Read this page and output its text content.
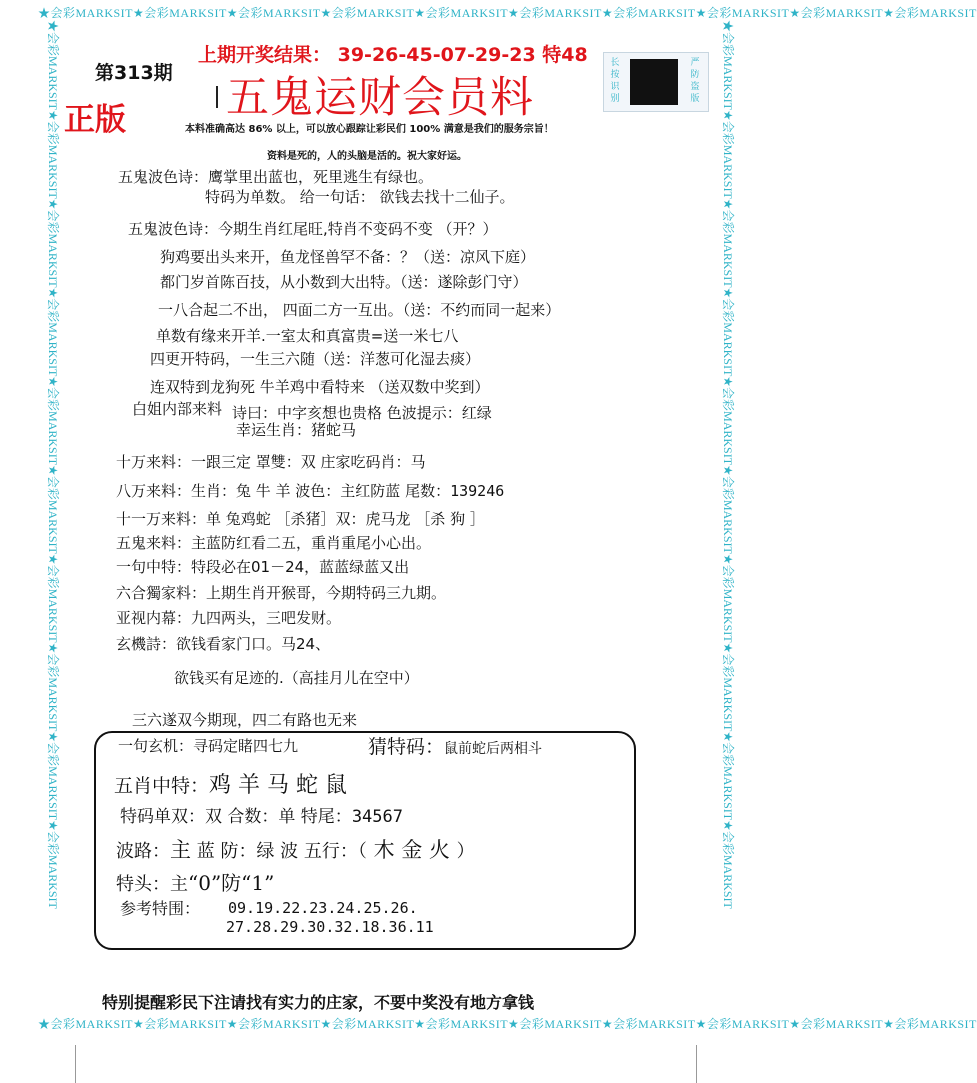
★会彩MARKSIT★会彩MARKSIT★会彩MARKSIT★会彩MARKSIT★会彩MARKSIT★会彩MARKSIT★会彩MARKSIT★会彩MARKSIT★会彩MARKSIT★会彩MARKSIT
★会彩MARKSIT★会彩MARKSIT★会彩MARKSIT★会彩MARKSIT★会彩MARKSIT★会彩MARKSIT★会彩MARKSIT★会彩MARKSIT★会彩MARKSIT★会彩MARKSIT
★会彩MARKSIT★会彩MARKSIT★会彩MARKSIT★会彩MARKSIT★会彩MARKSIT★会彩MARKSIT★会彩MARKSIT★会彩MARKSIT★会彩MARKSIT★会彩MARKSIT	★会彩MARKSIT★会彩MARKSIT★会彩MARKSIT★会彩MARKSIT★会彩MARKSIT★会彩MARKSIT★会彩MARKSIT★会彩MARKSIT★会彩MARKSIT★会彩MARKSIT
第313期
正版
上期开奖结果： 39-26-45-07-29-23 特48
五鬼运财会员料
长按识别
严防盗版
本料准确高达 86% 以上，可以放心跟踪让彩民们 100% 满意是我们的服务宗旨！
资料是死的，人的头脑是活的。祝大家好运。
五鬼波色诗：鹰掌里出蓝也，死里逃生有绿也。
特码为单数。 给一句话： 欲钱去找十二仙子。
五鬼波色诗：今期生肖红尾旺,特肖不变码不变 （开？）
狗鸡要出头来开，鱼龙怪兽罕不备：？（送：凉风下庭）
都门岁首陈百技，从小数到大出特。（送：遂除彭门守）
一八合起二不出， 四面二方一互出。（送：不约而同一起来）
单数有缘来开羊.一室太和真富贵=送一米七八
四更开特码，一生三六随（送：洋葱可化湿去痰）
连双特到龙狗死 牛羊鸡中看特来 （送双数中奖到）
白姐内部来料 诗曰：中字亥想也贵格 色波提示：红绿
幸运生肖：猪蛇马
十万来料：一跟三定 罩雙：双 庄家吃码肖：马
八万来料：生肖：兔 牛 羊 波色：主红防蓝 尾数：139246
十一万来料：单 兔鸡蛇 ［杀猪］双：虎马龙 ［杀 狗 ］
五鬼来料：主蓝防红看二五，重肖重尾小心出。
一句中特：特段必在01－24，蓝蓝绿蓝又出
六合獨家料：上期生肖开猴哥，今期特码三九期。
亚视内幕：九四两头，三吧发财。
玄機詩：欲钱看家门口。马24、
欲钱买有足迹的.（高挂月儿在空中）
三六遂双今期现，四二有路也无来
一句玄机：寻码定睹四七九	猜特码：鼠前蛇后两相斗
五肖中特：鸡 羊 马 蛇 鼠
特码单双：双 合数：单 特尾：34567
波路：主 蓝 防：绿 波 五行：（ 木 金 火 ）
特头：主“0”防“1”
参考特围： 09.19.22.23.24.25.26.
27.28.29.30.32.18.36.11
特别提醒彩民下注请找有实力的庄家，不要中奖没有地方拿钱
